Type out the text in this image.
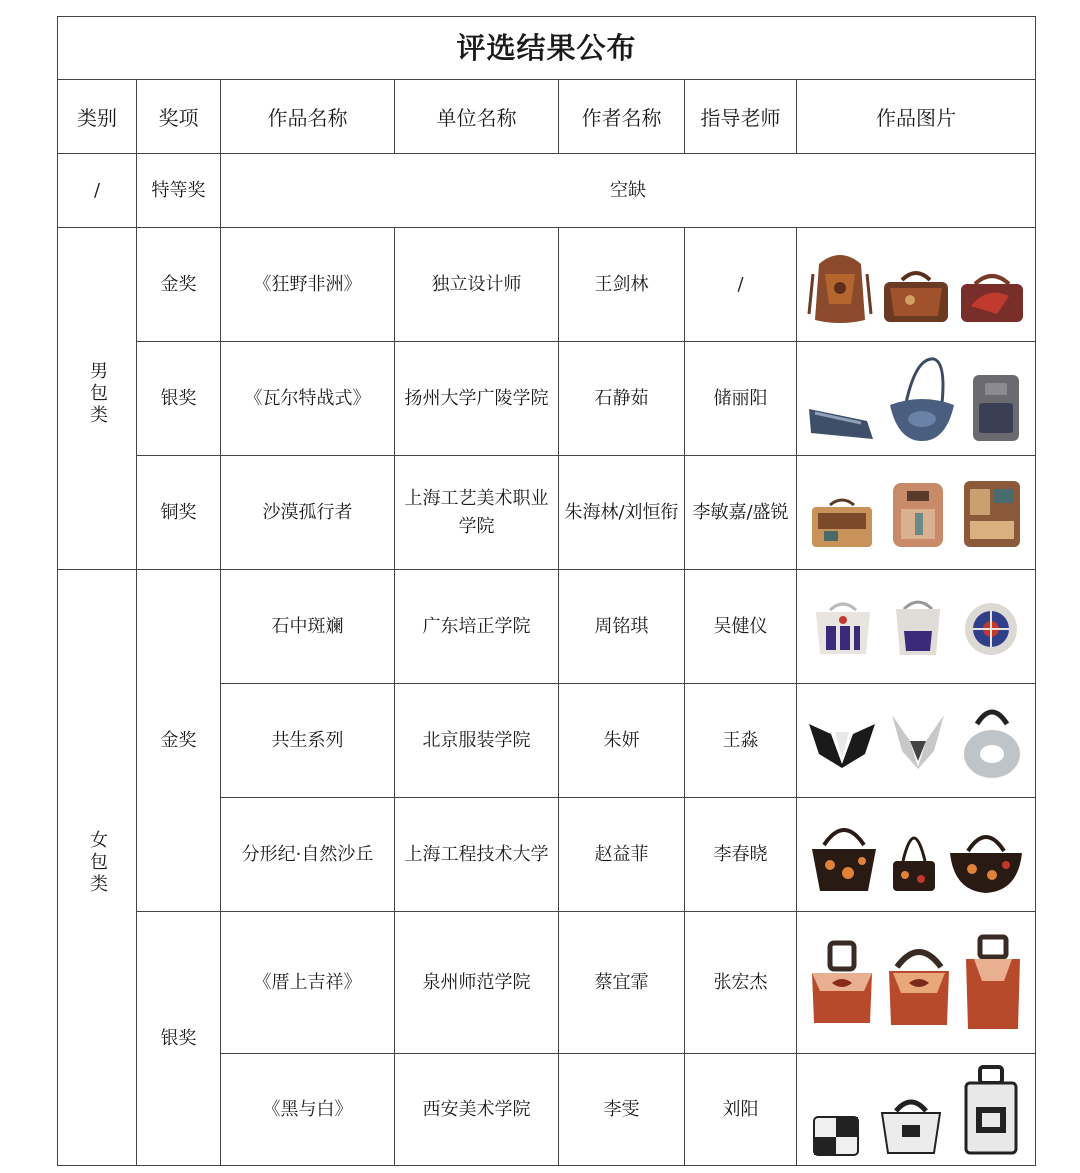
评选结果公布						
类别	奖项	作品名称	单位名称	作者名称	指导老师	作品图片
/	特等奖	空缺				
男包类	金奖	《狂野非洲》	独立设计师	王剑林	/	

	银奖	《瓦尔特战式》	扬州大学广陵学院	石静茹	储丽阳	

	铜奖	沙漠孤行者	上海工艺美术职业学院	朱海林/刘恒衔	李敏嘉/盛锐	

女包类	金奖	石中斑斓	广东培正学院	周铭琪	吴健仪	

		共生系列	北京服装学院	朱妍	王淼	

		分形纪·自然沙丘	上海工程技术大学	赵益菲	李春晓	

	银奖	《厝上吉祥》	泉州师范学院	蔡宜霏	张宏杰	

		《黑与白》	西安美术学院	李雯	刘阳	
